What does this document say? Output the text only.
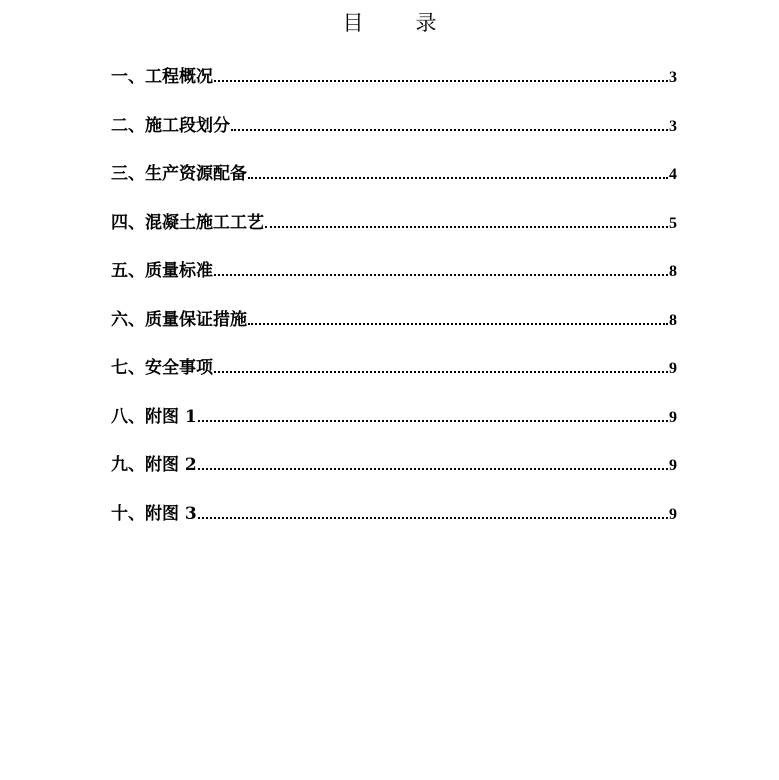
目 录
一、工程概况	3
二、施工段划分	3
三、生产资源配备	4
四、混凝土施工工艺	5
五、质量标准	8
六、质量保证措施	8
七、安全事项	9
八、附图 1	9
九、附图 2	9
十、附图 3	9
